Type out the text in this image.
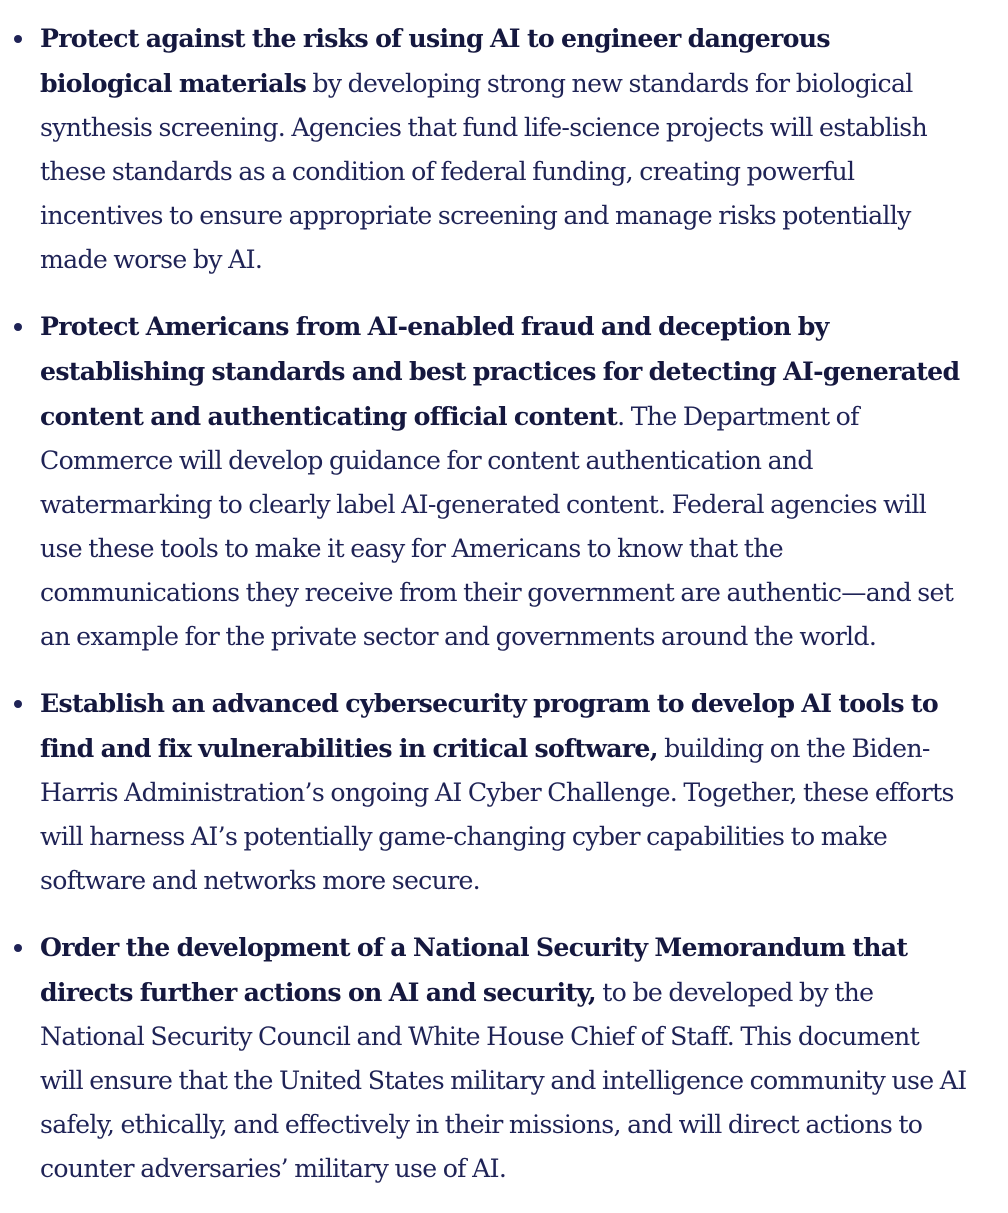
Protect against the risks of using AI to engineer dangerous biological materials by developing strong new standards for biological synthesis screening. Agencies that fund life-science projects will establish these standards as a condition of federal funding, creating powerful incentives to ensure appropriate screening and manage risks potentially made worse by AI.
Protect Americans from AI-enabled fraud and deception by establishing standards and best practices for detecting AI-generated content and authenticating official content. The Department of Commerce will develop guidance for content authentication and watermarking to clearly label AI-generated content. Federal agencies will use these tools to make it easy for Americans to know that the communications they receive from their government are authentic—and set an example for the private sector and governments around the world.
Establish an advanced cybersecurity program to develop AI tools to find and fix vulnerabilities in critical software, building on the Biden-Harris Administration’s ongoing AI Cyber Challenge. Together, these efforts will harness AI’s potentially game-changing cyber capabilities to make software and networks more secure.
Order the development of a National Security Memorandum that directs further actions on AI and security, to be developed by the National Security Council and White House Chief of Staff. This document will ensure that the United States military and intelligence community use AI safely, ethically, and effectively in their missions, and will direct actions to counter adversaries’ military use of AI.
